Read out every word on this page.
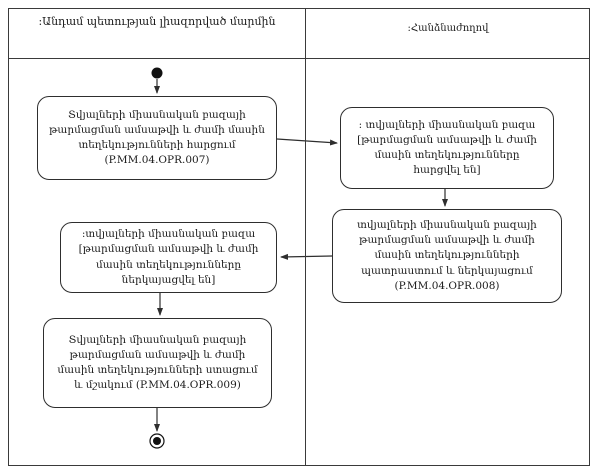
:Անդամ պետության լիազորված մարմին
:Հանձնաժողով
Տվյալների միասնական բազայի թարմացման ամսաթվի և ժամի մասին տեղեկությունների հարցում (P.MM.04.OPR.007)
: տվյալների միասնական բազա [թարմացման ամսաթվի և ժամի մասին տեղեկությունները հարցվել են]
տվյալների միասնական բազայի թարմացման ամսաթվի և ժամի մասին տեղեկությունների պատրաստում և ներկայացում (P.MM.04.OPR.008)
:տվյալների միասնական բազա [թարմացման ամսաթվի և ժամի մասին տեղեկությունները ներկայացվել են]
Տվյալների միասնական բազայի թարմացման ամսաթվի և ժամի մասին տեղեկությունների ստացում և մշակում (P.MM.04.OPR.009)
